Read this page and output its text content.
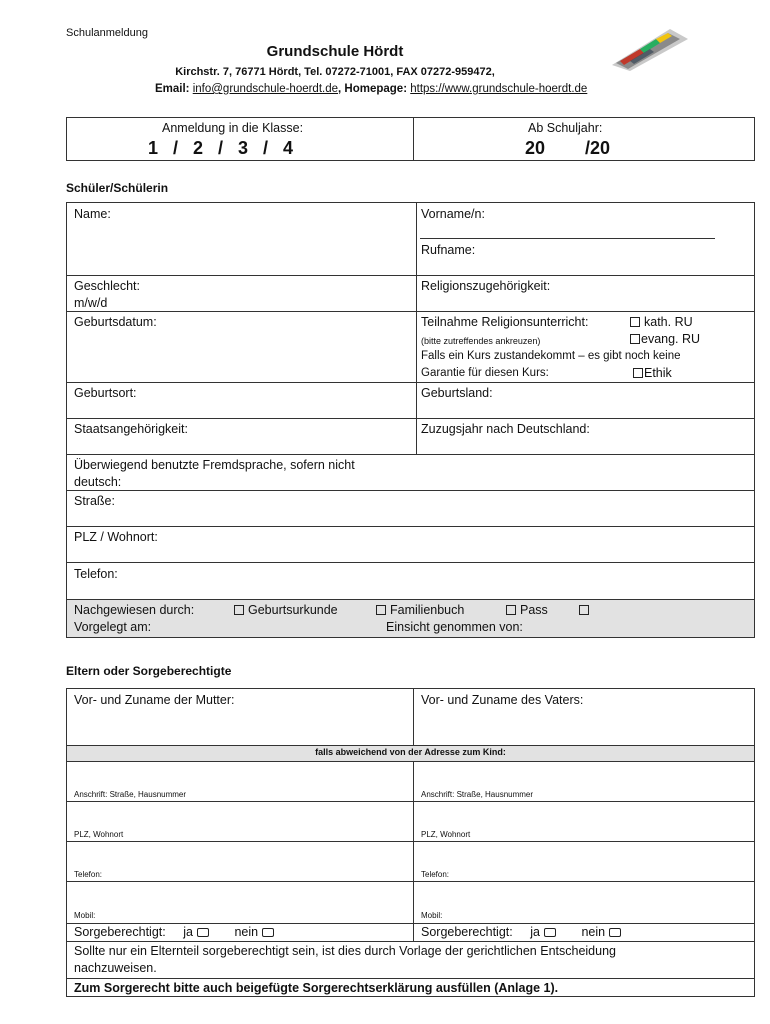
Schulanmeldung
Grundschule Hördt
Kirchstr. 7, 76771 Hördt, Tel. 07272-71001, FAX 07272-959472,
Email: info@grundschule-hoerdt.de, Homepage: https://www.grundschule-hoerdt.de
Anmeldung in die Klasse:
1   /   2   /   3   /   4
Ab Schuljahr:
20        /20
Schüler/Schülerin
Name:	Vorname/n:
Rufname:
Geschlecht:
m/w/d
Religionszugehörigkeit:
Geburtsdatum:	Teilnahme Religionsunterricht:	kath. RU
(bitte zutreffendes ankreuzen)	evang. RU
Falls ein Kurs zustandekommt – es gibt noch keine
Garantie für diesen Kurs:	Ethik
Geburtsort:	Geburtsland:
Staatsangehörigkeit:	Zuzugsjahr nach Deutschland:
Überwiegend benutzte Fremdsprache, sofern nicht
deutsch:
Straße:
PLZ / Wohnort:
Telefon:
Nachgewiesen durch:	Geburtsurkunde	Familienbuch	Pass
Vorgelegt am:	Einsicht genommen von:
Eltern oder Sorgeberechtigte
Vor- und Zuname der Mutter:	Vor- und Zuname des Vaters:
falls abweichend von der Adresse zum Kind:
Anschrift: Straße, Hausnummer	Anschrift: Straße, Hausnummer
PLZ, Wohnort	PLZ, Wohnort
Telefon:	Telefon:
Mobil:	Mobil:
Sorgeberechtigt: ja	nein	Sorgeberechtigt: ja	nein
Sollte nur ein Elternteil sorgeberechtigt sein, ist dies durch Vorlage der gerichtlichen Entscheidung
nachzuweisen.
Zum Sorgerecht bitte auch beigefügte Sorgerechtserklärung ausfüllen (Anlage 1).
